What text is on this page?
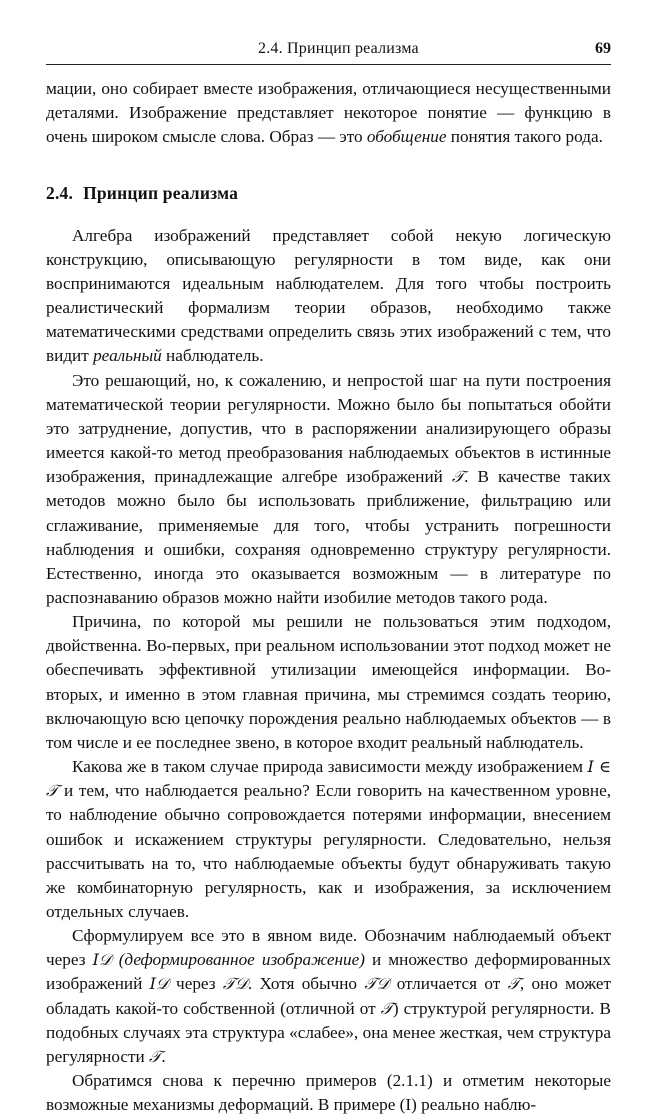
2.4. Принцип реализма	69

мации, оно собирает вместе изображения, отличающиеся несущественными деталями. Изображение представляет некоторое понятие — функцию в очень широком смысле слова. Образ — это обобщение понятия такого рода.

2.4. Принцип реализма

Алгебра изображений представляет собой некую логическую конструкцию, описывающую регулярности в том виде, как они воспринимаются идеальным наблюдателем. Для того чтобы построить реалистический формализм теории образов, необходимо также математическими средствами определить связь этих изображений с тем, что видит реальный наблюдатель.

Это решающий, но, к сожалению, и непростой шаг на пути построения математической теории регулярности. Можно было бы попытаться обойти это затруднение, допустив, что в распоряжении анализирующего образы имеется какой-то метод преобразования наблюдаемых объектов в истинные изображения, принадлежащие алгебре изображений 𝒯. В качестве таких методов можно было бы использовать приближение, фильтрацию или сглаживание, применяемые для того, чтобы устранить погрешности наблюдения и ошибки, сохраняя одновременно структуру регулярности. Естественно, иногда это оказывается возможным — в литературе по распознаванию образов можно найти изобилие методов такого рода.

Причина, по которой мы решили не пользоваться этим подходом, двойственна. Во-первых, при реальном использовании этот подход может не обеспечивать эффективной утилизации имеющейся информации. Во-вторых, и именно в этом главная причина, мы стремимся создать теорию, включающую всю цепочку порождения реально наблюдаемых объектов — в том числе и ее последнее звено, в которое входит реальный наблюдатель.

Какова же в таком случае природа зависимости между изображением I ∈ 𝒯 и тем, что наблюдается реально? Если говорить на качественном уровне, то наблюдение обычно сопровождается потерями информации, внесением ошибок и искажением структуры регулярности. Следовательно, нельзя рассчитывать на то, что наблюдаемые объекты будут обнаруживать такую же комбинаторную регулярность, как и изображения, за исключением отдельных случаев.

Сформулируем все это в явном виде. Обозначим наблюдаемый объект через I𝒟 (деформированное изображение) и множество деформированных изображений I𝒟 через 𝒯𝒟. Хотя обычно 𝒯𝒟 отличается от 𝒯, оно может обладать какой-то собственной (отличной от 𝒯) структурой регулярности. В подобных случаях эта структура «слабее», она менее жесткая, чем структура регулярности 𝒯.

Обратимся снова к перечню примеров (2.1.1) и отметим некоторые возможные механизмы деформаций. В примере (I) реально наблю-
